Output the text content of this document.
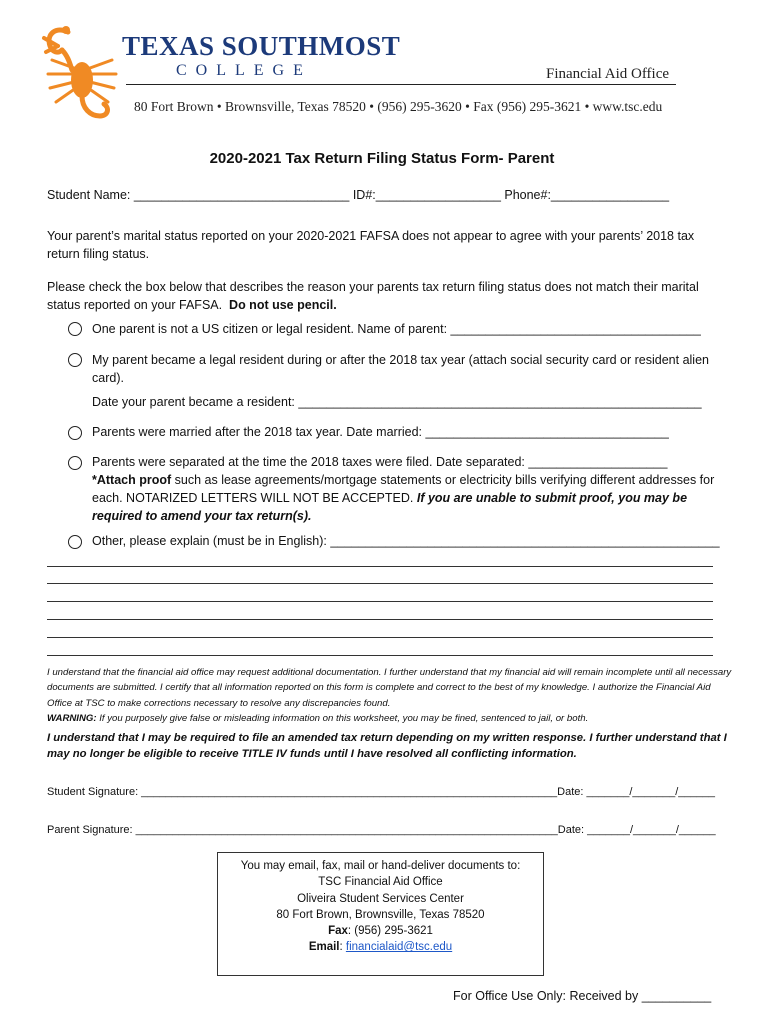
TEXAS SOUTHMOST
COLLEGE	Financial Aid Office
80 Fort Brown • Brownsville, Texas 78520 • (956) 295-3620 • Fax (956) 295-3621 • www.tsc.edu
2020-2021 Tax Return Filing Status Form- Parent
Student Name: _______________________________ ID#:__________________ Phone#:_________________
Your parent’s marital status reported on your 2020-2021 FAFSA does not appear to agree with your parents’ 2018 tax return filing status.
Please check the box below that describes the reason your parents tax return filing status does not match their marital status reported on your FAFSA. Do not use pencil.
One parent is not a US citizen or legal resident. Name of parent: ____________________________________
My parent became a legal resident during or after the 2018 tax year (attach social security card or resident alien card).
Date your parent became a resident: __________________________________________________________
Parents were married after the 2018 tax year. Date married: ___________________________________
Parents were separated at the time the 2018 taxes were filed. Date separated: ____________________
*Attach proof such as lease agreements/mortgage statements or electricity bills verifying different addresses for each. NOTARIZED LETTERS WILL NOT BE ACCEPTED. If you are unable to submit proof, you may be required to amend your tax return(s).
Other, please explain (must be in English): ________________________________________________________
I understand that the financial aid office may request additional documentation. I further understand that my financial aid will remain incomplete until all necessary documents are submitted. I certify that all information reported on this form is complete and correct to the best of my knowledge. I authorize the Financial Aid Office at TSC to make corrections necessary to resolve any discrepancies found.
WARNING: If you purposely give false or misleading information on this worksheet, you may be fined, sentenced to jail, or both.
I understand that I may be required to file an amended tax return depending on my written response. I further understand that I may no longer be eligible to receive TITLE IV funds until I have resolved all conflicting information.
Student Signature: ____________________________________________________________________Date: _______/_______/______
Parent Signature: _____________________________________________________________________Date: _______/_______/______
You may email, fax, mail or hand-deliver documents to:
TSC Financial Aid Office
Oliveira Student Services Center
80 Fort Brown, Brownsville, Texas 78520
Fax: (956) 295-3621
Email: financialaid@tsc.edu
For Office Use Only: Received by __________
